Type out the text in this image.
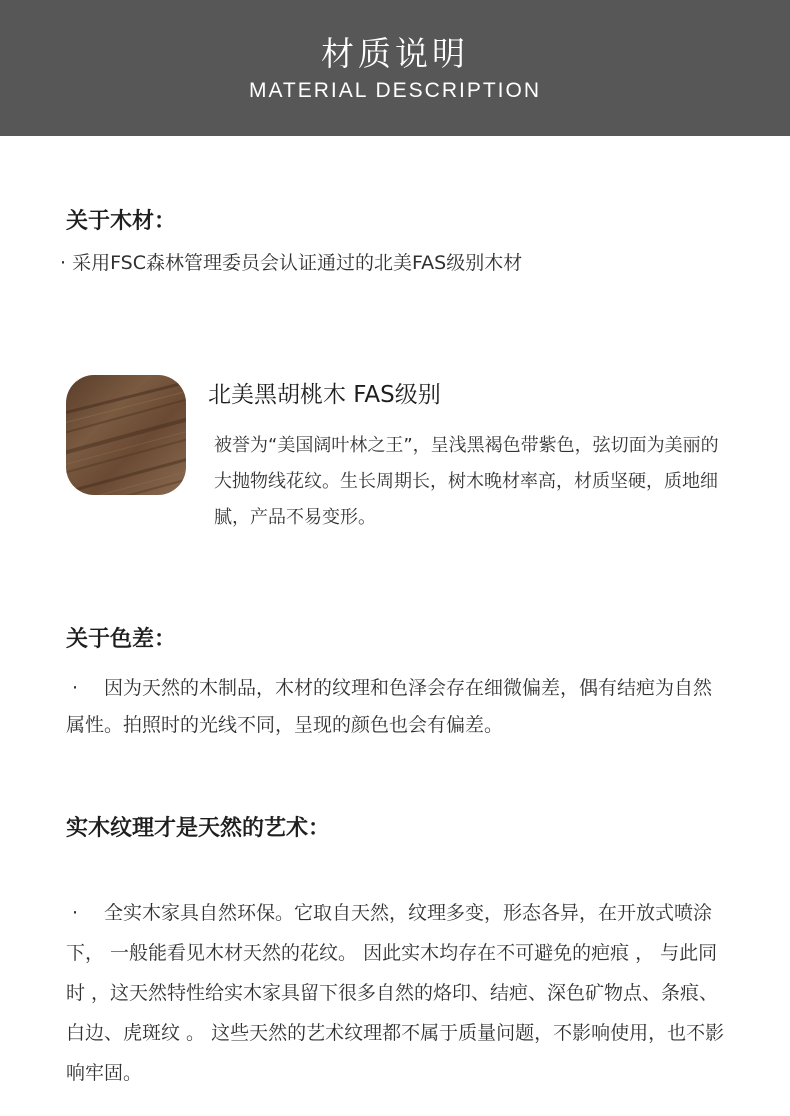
材质说明
MATERIAL DESCRIPTION
关于木材：
· 采用FSC森林管理委员会认证通过的北美FAS级别木材
北美黑胡桃木 FAS级别
被誉为“美国阔叶林之王”，呈浅黑褐色带紫色，弦切面为美丽的大抛物线花纹。生长周期长，树木晚材率高，材质坚硬，质地细腻，产品不易变形。
关于色差：
· 因为天然的木制品，木材的纹理和色泽会存在细微偏差，偶有结疤为自然属性。拍照时的光线不同，呈现的颜色也会有偏差。
实木纹理才是天然的艺术：
· 全实木家具自然环保。它取自天然，纹理多变，形态各异，在开放式喷涂下， 一般能看见木材天然的花纹。 因此实木均存在不可避免的疤痕 ， 与此同时 ，这天然特性给实木家具留下很多自然的烙印、结疤、深色矿物点、条痕、白边、虎斑纹 。 这些天然的艺术纹理都不属于质量问题，不影响使用，也不影响牢固。
